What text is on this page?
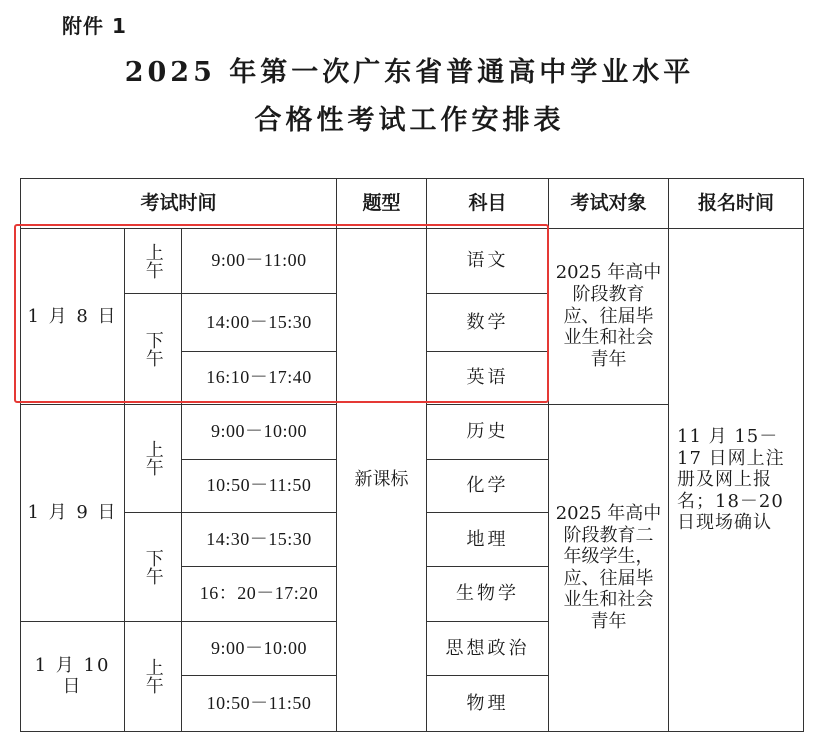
附件 1
2025 年第一次广东省普通高中学业水平
合格性考试工作安排表
考试时间			题型	科目	考试对象	报名时间
1 月 8 日	上午	9:00－11:00	新课标	语文	2025 年高中阶段教育应、往届毕业生和社会青年	11 月 15－17 日网上注册及网上报名；18－20 日现场确认
	下午	14:00－15:30		数学		
		16:10－17:40		英语		
1 月 9 日	上午	9:00－10:00		历史	2025 年高中阶段教育二年级学生，应、往届毕业生和社会青年	
		10:50－11:50		化学		
	下午	14:30－15:30		地理		
		16：20－17:20		生物学		
1 月 10 日	上午	9:00－10:00		思想政治		
		10:50－11:50		物理		
